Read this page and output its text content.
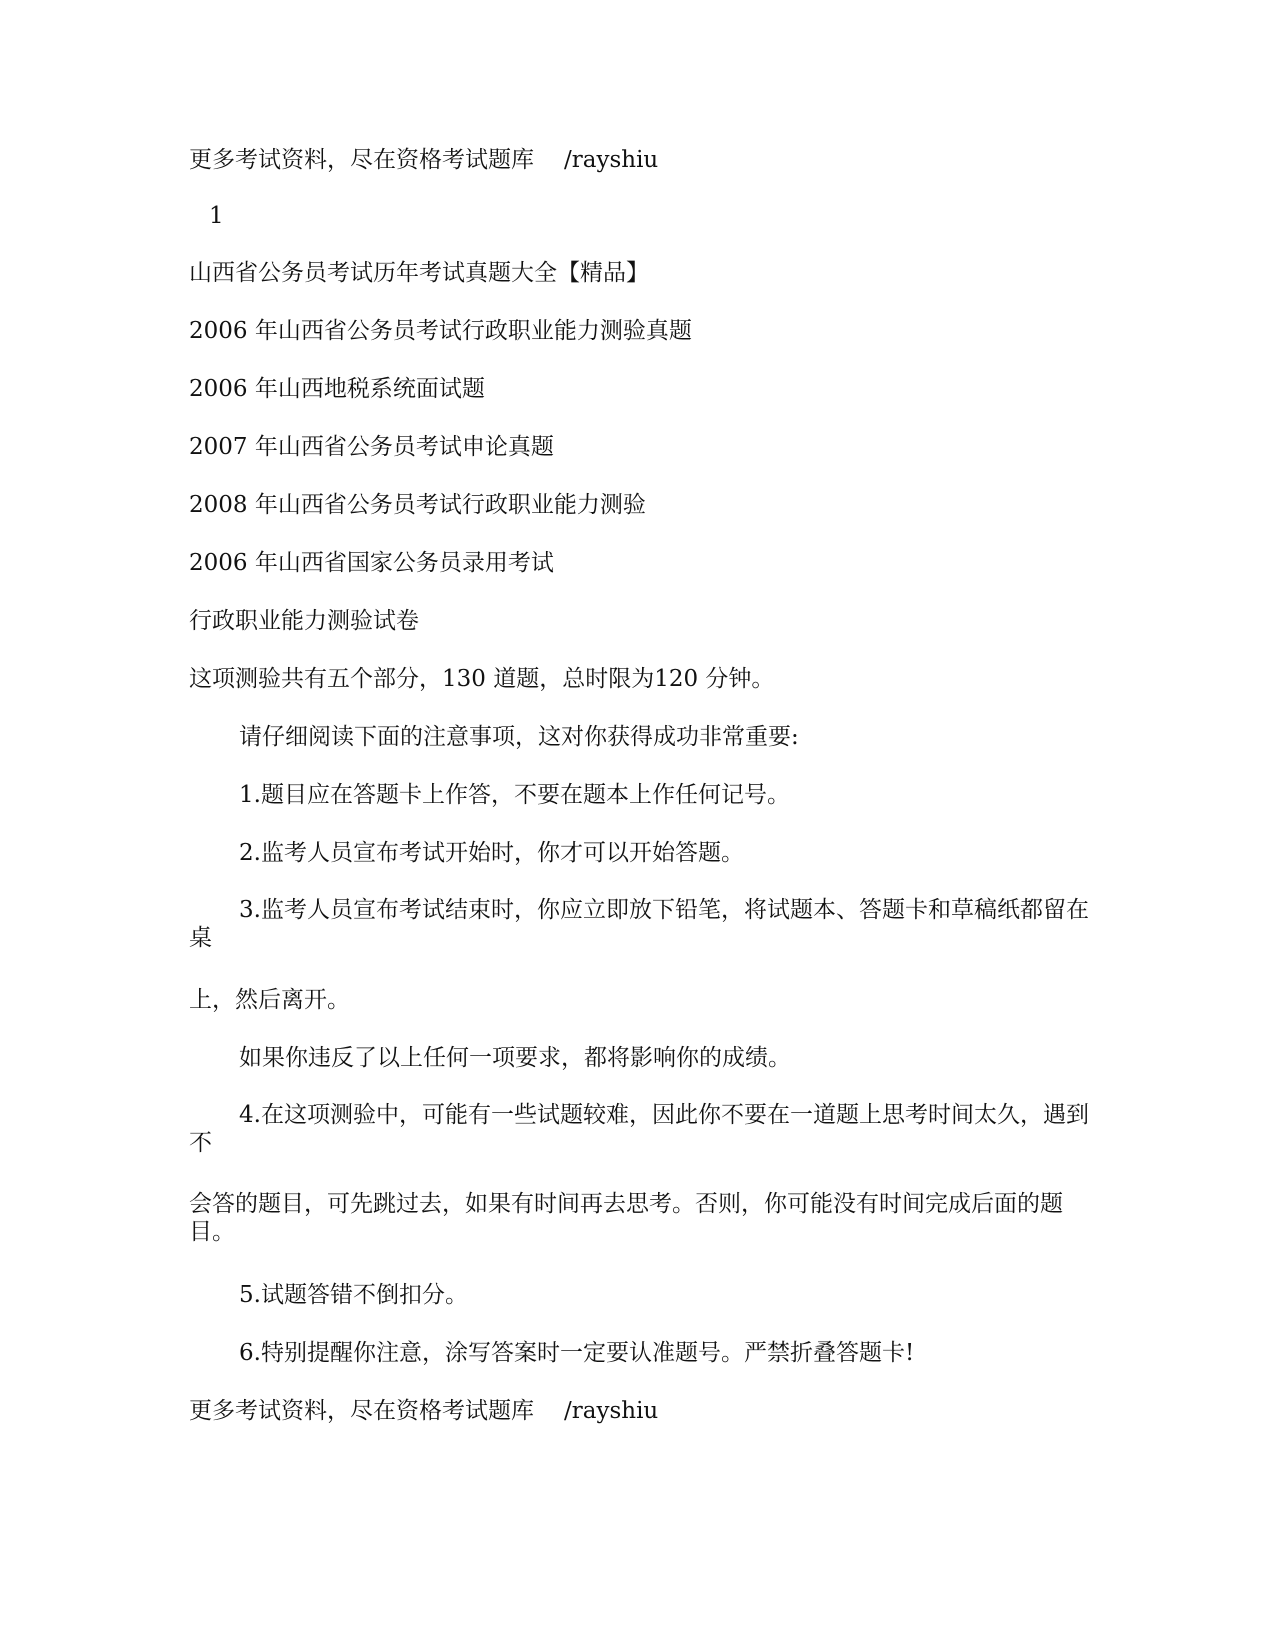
更多考试资料，尽在资格考试题库 /rayshiu
1
山西省公务员考试历年考试真题大全【精品】
2006 年山西省公务员考试行政职业能力测验真题
2006 年山西地税系统面试题
2007 年山西省公务员考试申论真题
2008 年山西省公务员考试行政职业能力测验
2006 年山西省国家公务员录用考试
行政职业能力测验试卷
这项测验共有五个部分，130 道题，总时限为120 分钟。
请仔细阅读下面的注意事项，这对你获得成功非常重要:
1.题目应在答题卡上作答，不要在题本上作任何记号。
2.监考人员宣布考试开始时，你才可以开始答题。
3.监考人员宣布考试结束时，你应立即放下铅笔，将试题本、答题卡和草稿纸都留在桌
上，然后离开。
如果你违反了以上任何一项要求，都将影响你的成绩。
4.在这项测验中，可能有一些试题较难，因此你不要在一道题上思考时间太久，遇到不
会答的题目，可先跳过去，如果有时间再去思考。否则，你可能没有时间完成后面的题目。
5.试题答错不倒扣分。
6.特别提醒你注意，涂写答案时一定要认准题号。严禁折叠答题卡!
更多考试资料，尽在资格考试题库 /rayshiu
